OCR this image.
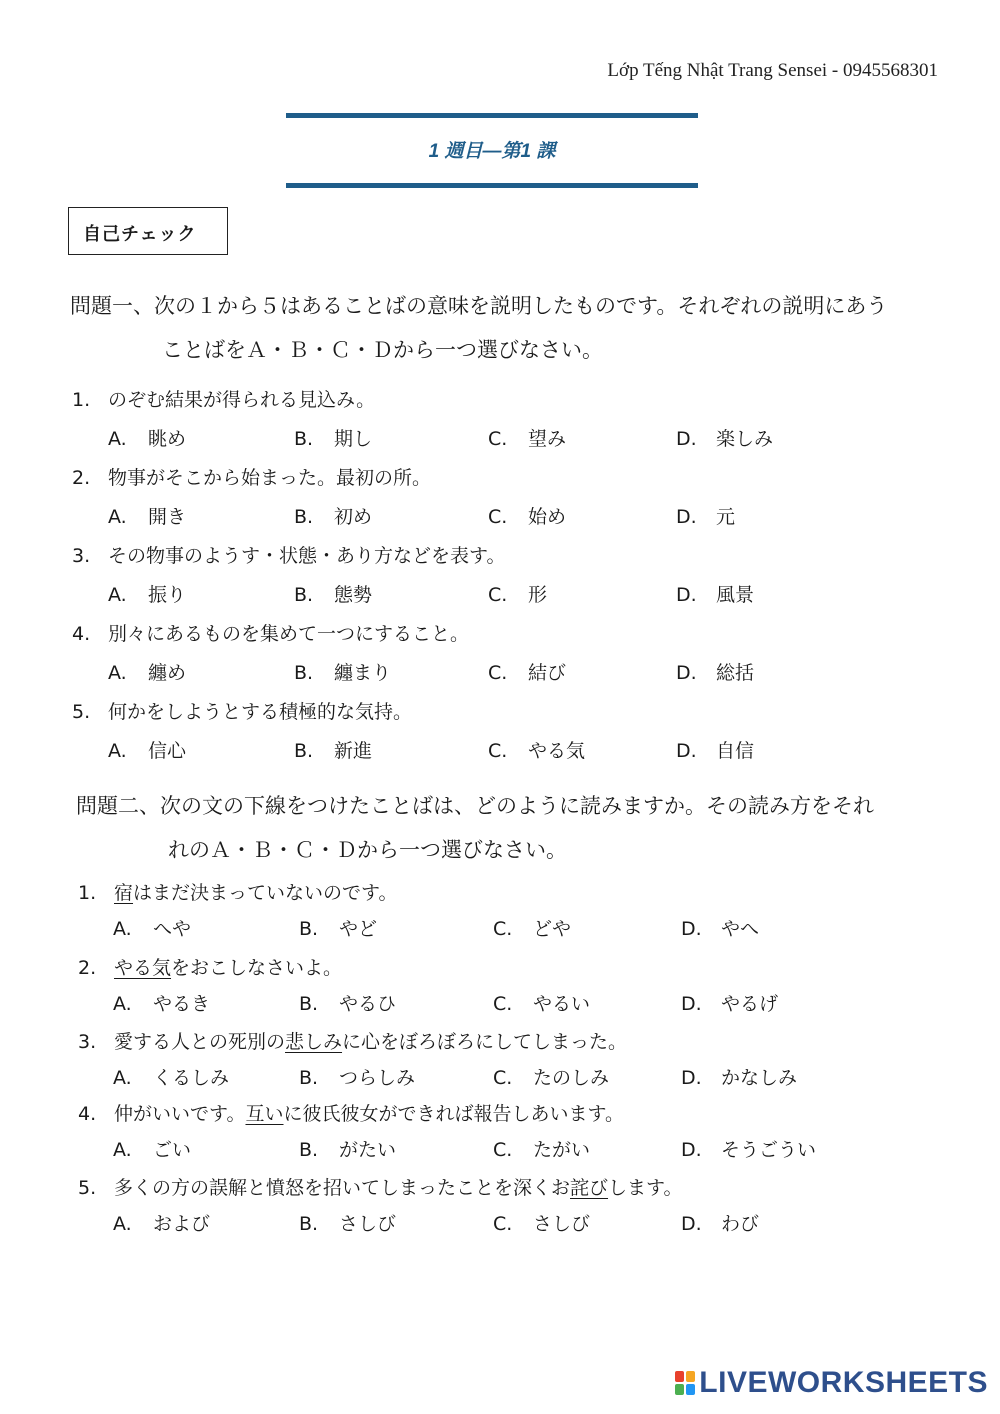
Lớp Tếng Nhật Trang Sensei - 0945568301
1 週目―第1 課
自己チェック
問題一、次の１から５はあることばの意味を説明したものです。それぞれの説明にあう
ことばをＡ・Ｂ・Ｃ・Ｄから一つ選びなさい。
1. のぞむ結果が得られる見込み。
A. 眺め	B. 期し	C. 望み	D. 楽しみ
2. 物事がそこから始まった。最初の所。
A. 開き	B. 初め	C. 始め	D. 元
3. その物事のようす・状態・あり方などを表す。
A. 振り	B. 態勢	C. 形	D. 風景
4. 別々にあるものを集めて一つにすること。
A. 纏め	B. 纏まり	C. 結び	D. 総括
5. 何かをしようとする積極的な気持。
A. 信心	B. 新進	C. やる気	D. 自信
問題二、次の文の下線をつけたことばは、どのように読みますか。その読み方をそれ
れのＡ・Ｂ・Ｃ・Ｄから一つ選びなさい。
1. 宿はまだ決まっていないのです。
A. へや	B. やど	C. どや	D. やへ
2. やる気をおこしなさいよ。
A. やるき	B. やるひ	C. やるい	D. やるげ
3. 愛する人との死別の悲しみに心をぼろぼろにしてしまった。
A. くるしみ	B. つらしみ	C. たのしみ	D. かなしみ
4. 仲がいいです。互いに彼氏彼女ができれば報告しあいます。
A. ごい	B. がたい	C. たがい	D. そうごうい
5. 多くの方の誤解と憤怒を招いてしまったことを深くお詫びします。
A. および	B. さしび	C. さしび	D. わび
LIVEWORKSHEETS
